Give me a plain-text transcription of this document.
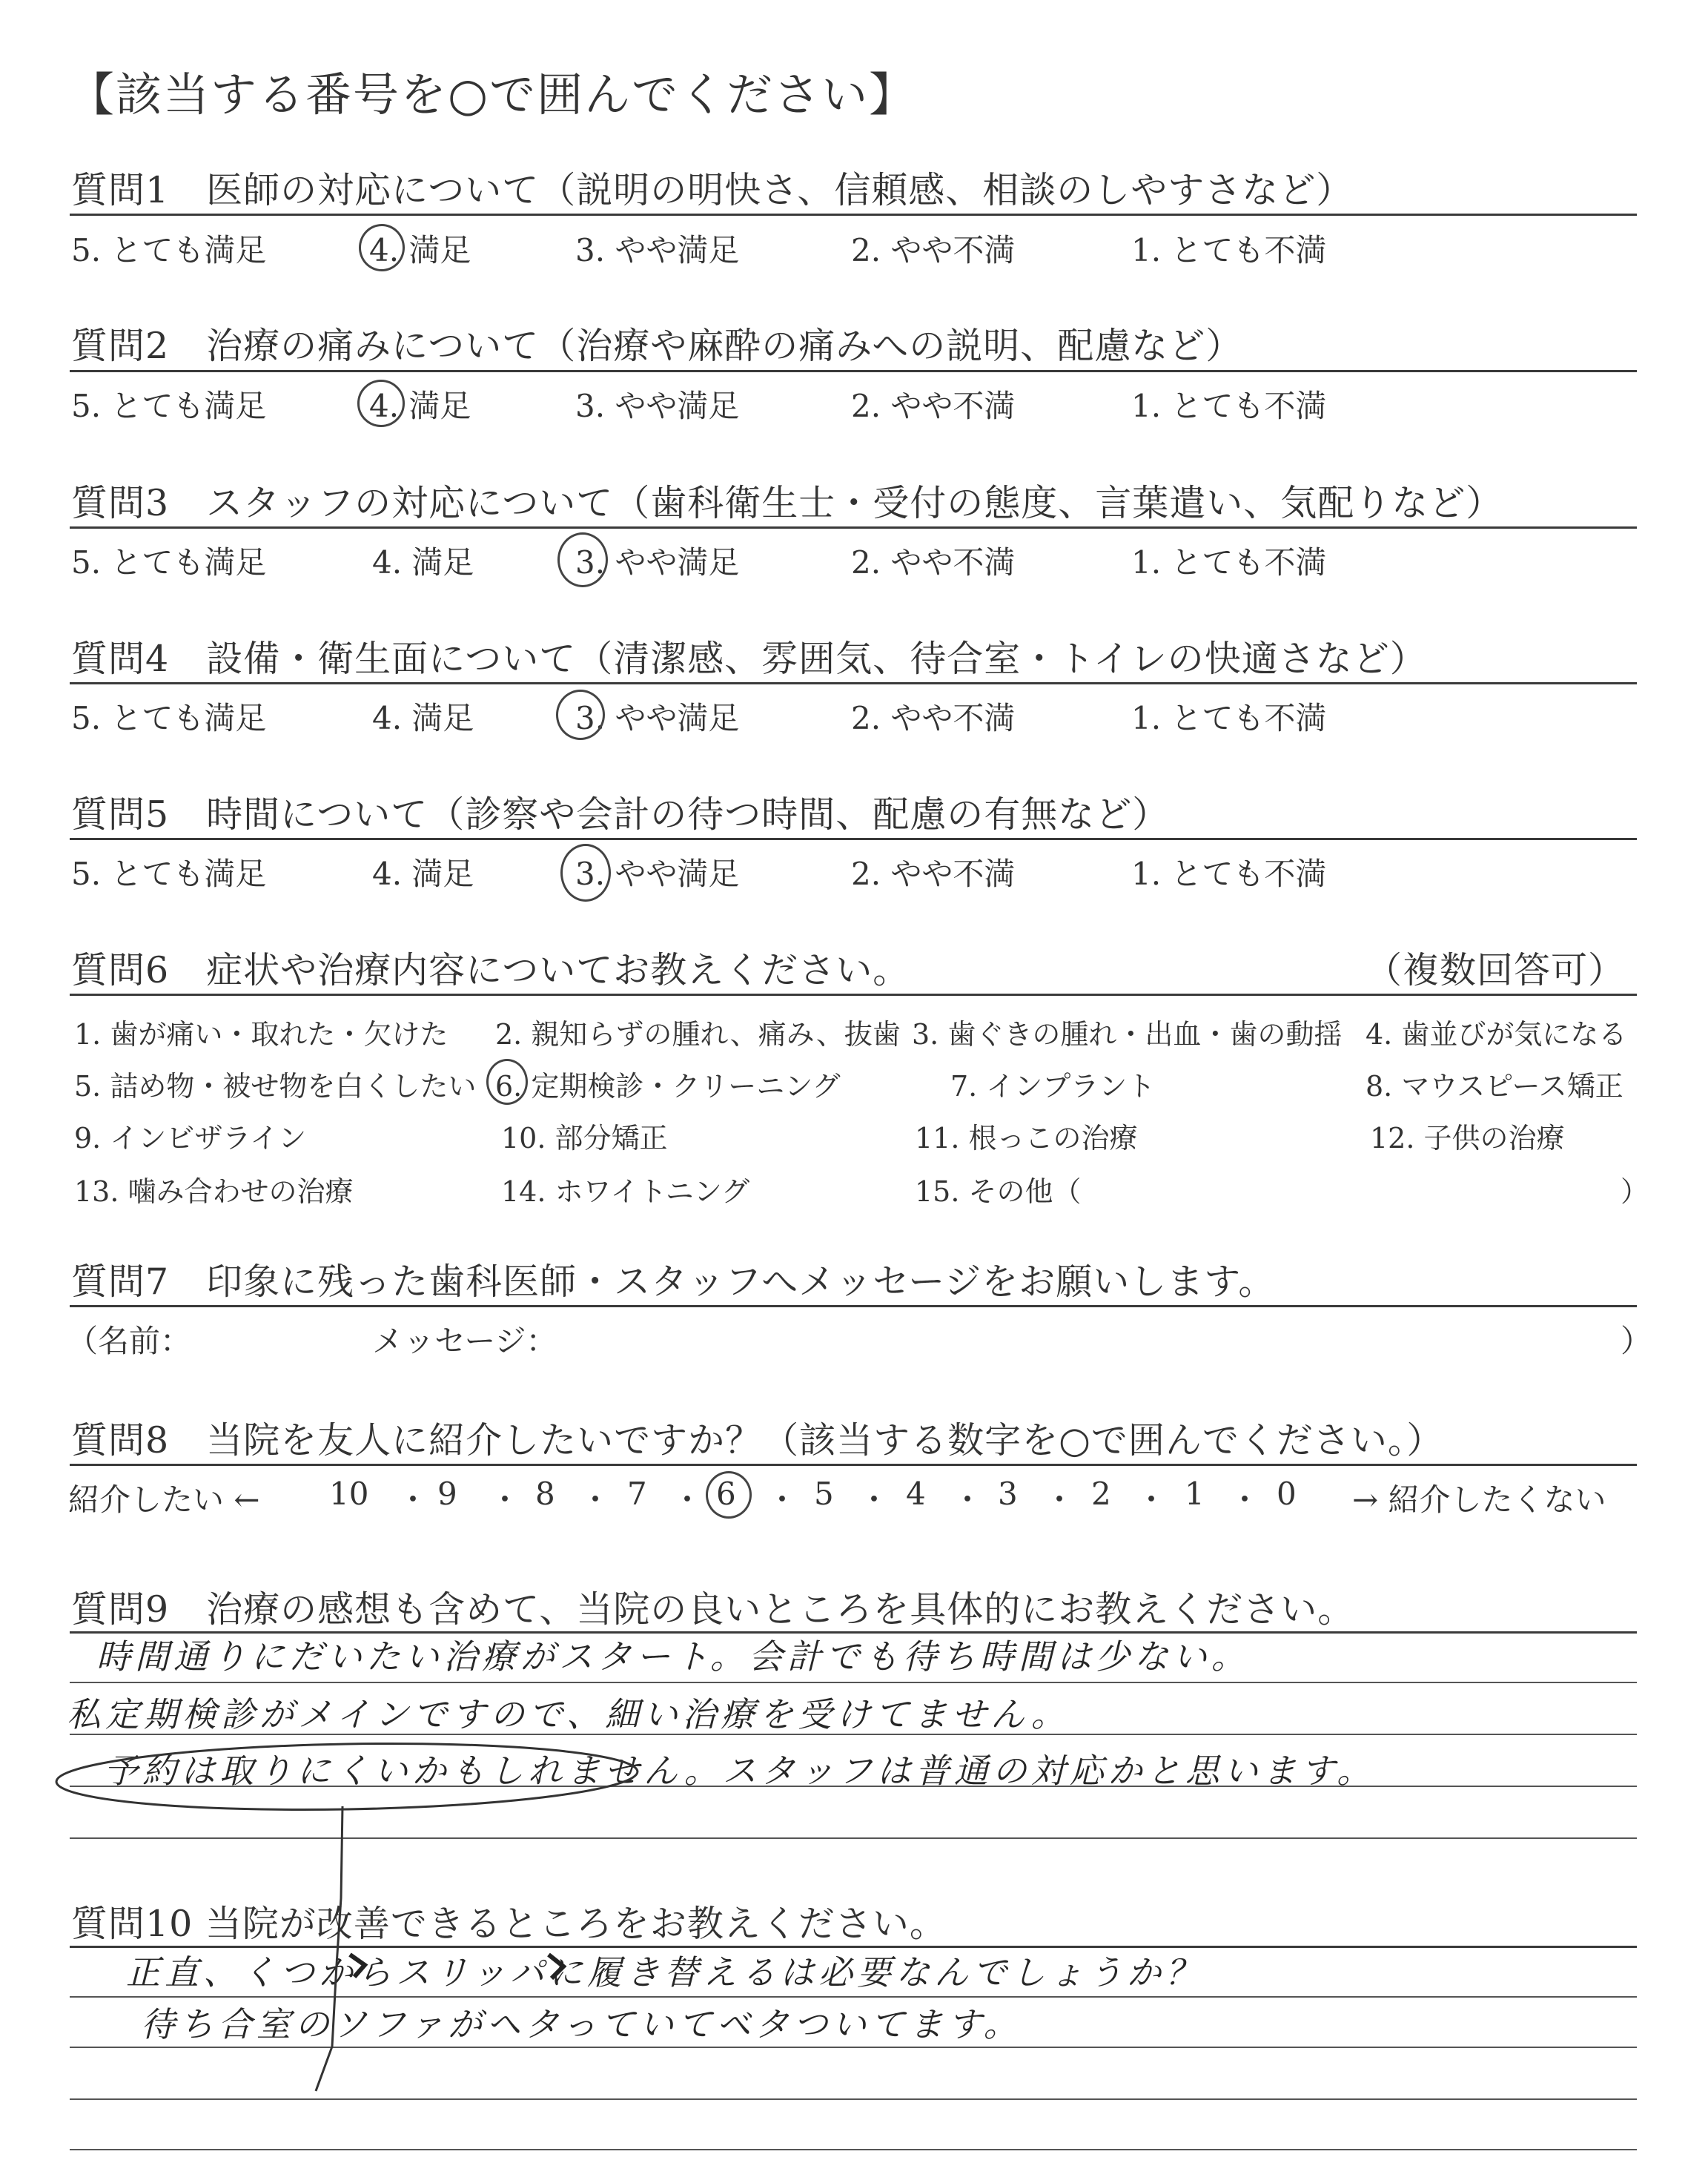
【該当する番号を○で囲んでください】
質問1　医師の対応について（説明の明快さ、信頼感、相談のしやすさなど）
5. とても満足	4. 満足	3. やや満足	2. やや不満	1. とても不満
質問2　治療の痛みについて（治療や麻酔の痛みへの説明、配慮など）
5. とても満足	4. 満足	3. やや満足	2. やや不満	1. とても不満
質問3　スタッフの対応について（歯科衛生士・受付の態度、言葉遣い、気配りなど）
5. とても満足	4. 満足	3. やや満足	2. やや不満	1. とても不満
質問4　設備・衛生面について（清潔感、雰囲気、待合室・トイレの快適さなど）
5. とても満足	4. 満足	3. やや満足	2. やや不満	1. とても不満
質問5　時間について（診察や会計の待つ時間、配慮の有無など）
5. とても満足	4. 満足	3. やや満足	2. やや不満	1. とても不満
質問6　症状や治療内容についてお教えください。	（複数回答可）
1. 歯が痛い・取れた・欠けた 2. 親知らずの腫れ、痛み、抜歯 3. 歯ぐきの腫れ・出血・歯の動揺 4. 歯並びが気になる
5. 詰め物・被せ物を白くしたい 6. 定期検診・クリーニング	7. インプラント	8. マウスピース矯正
9. インビザライン	10. 部分矯正	11. 根っこの治療	12. 子供の治療
13. 噛み合わせの治療	14. ホワイトニング	15. その他（	）
質問7　印象に残った歯科医師・スタッフへメッセージをお願いします。
（名前：	メッセージ：	）
質問8　当院を友人に紹介したいですか？（該当する数字を○で囲んでください。）
紹介したい ←	→ 紹介したくない
10 ・ 9 ・ 8 ・ 7 ・ 6 ・ 5 ・ 4 ・ 3 ・ 2 ・ 1 ・ 0
質問9　治療の感想も含めて、当院の良いところを具体的にお教えください。
時間通りにだいたい治療がスタート。会計でも待ち時間は少ない。
私定期検診がメインですので、細い治療を受けてません。
予約は取りにくいかもしれません。スタッフは普通の対応かと思います。
質問10 当院が改善できるところをお教えください。
正直、くつからスリッパに履き替えるは必要なんでしょうか？
待ち合室のソファがヘタっていてベタついてます。
